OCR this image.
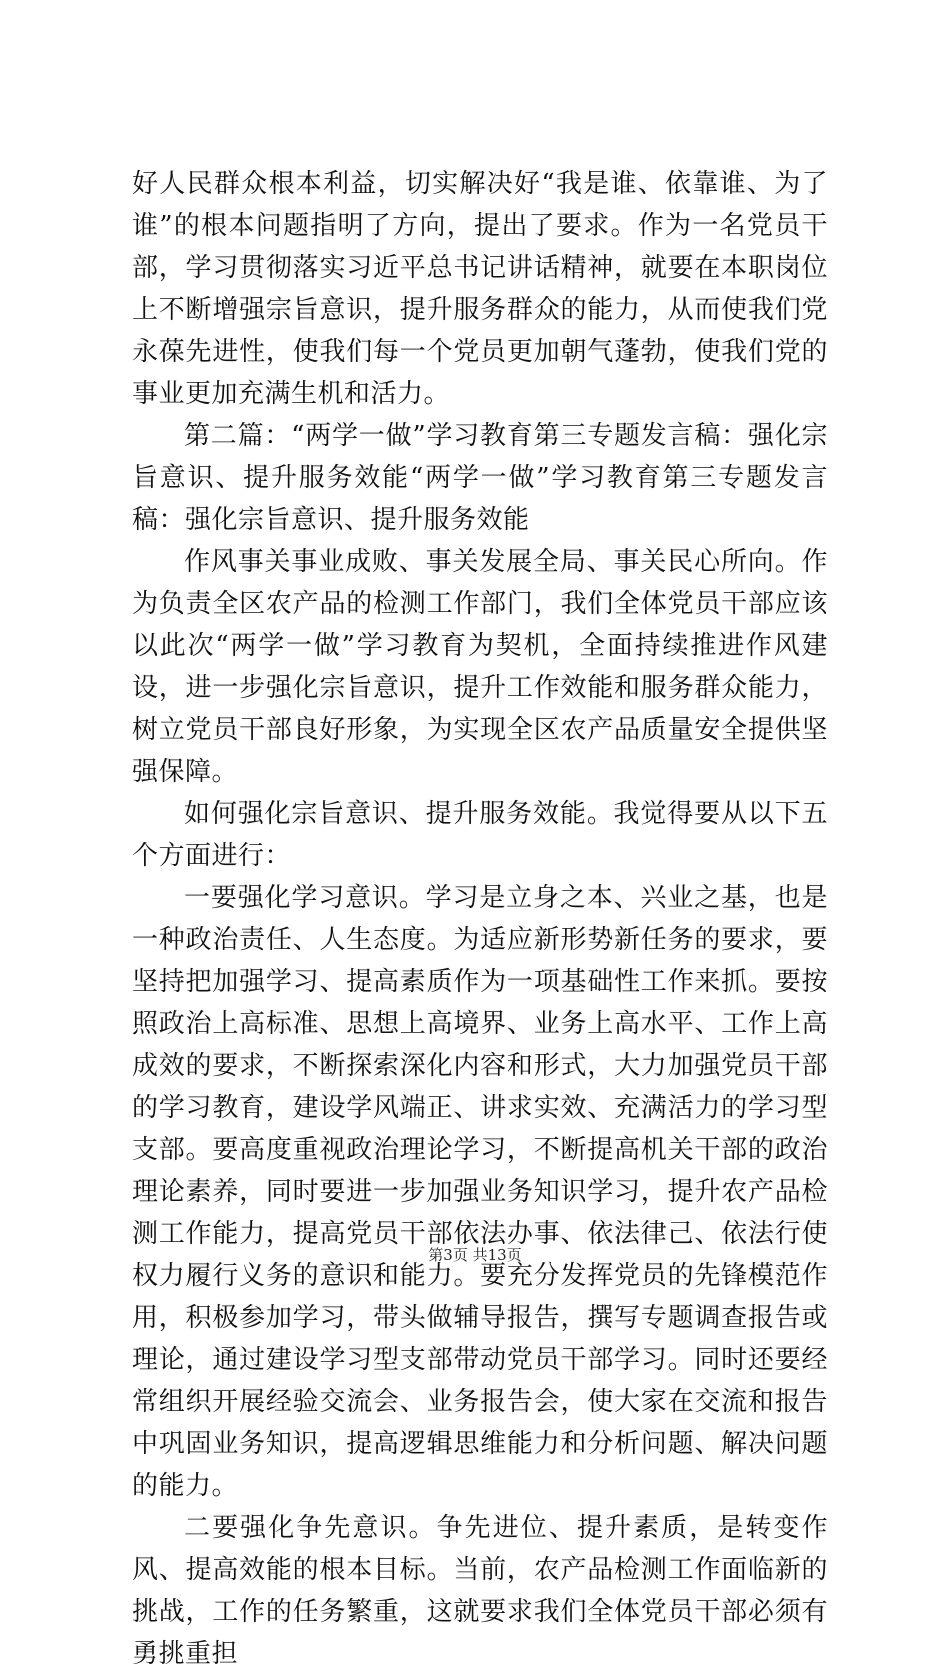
好人民群众根本利益，切实解决好“我是谁、依靠谁、为了谁”的根本问题指明了方向，提出了要求。作为一名党员干部，学习贯彻落实习近平总书记讲话精神，就要在本职岗位上不断增强宗旨意识，提升服务群众的能力，从而使我们党永葆先进性，使我们每一个党员更加朝气蓬勃，使我们党的事业更加充满生机和活力。

第二篇：“两学一做”学习教育第三专题发言稿：强化宗旨意识、提升服务效能“两学一做”学习教育第三专题发言稿：强化宗旨意识、提升服务效能

作风事关事业成败、事关发展全局、事关民心所向。作为负责全区农产品的检测工作部门，我们全体党员干部应该以此次“两学一做”学习教育为契机，全面持续推进作风建设，进一步强化宗旨意识，提升工作效能和服务群众能力，树立党员干部良好形象，为实现全区农产品质量安全提供坚强保障。

如何强化宗旨意识、提升服务效能。我觉得要从以下五个方面进行：

一要强化学习意识。学习是立身之本、兴业之基，也是一种政治责任、人生态度。为适应新形势新任务的要求，要坚持把加强学习、提高素质作为一项基础性工作来抓。要按照政治上高标准、思想上高境界、业务上高水平、工作上高成效的要求，不断探索深化内容和形式，大力加强党员干部的学习教育，建设学风端正、讲求实效、充满活力的学习型支部。要高度重视政治理论学习，不断提高机关干部的政治理论素养，同时要进一步加强业务知识学习，提升农产品检测工作能力，提高党员干部依法办事、依法律己、依法行使权力履行义务的意识和能力。要充分发挥党员的先锋模范作用，积极参加学习，带头做辅导报告，撰写专题调查报告或理论，通过建设学习型支部带动党员干部学习。同时还要经常组织开展经验交流会、业务报告会，使大家在交流和报告中巩固业务知识，提高逻辑思维能力和分析问题、解决问题的能力。

二要强化争先意识。争先进位、提升素质，是转变作风、提高效能的根本目标。当前，农产品检测工作面临新的挑战，工作的任务繁重，这就要求我们全体党员干部必须有勇挑重担

第3页 共13页
